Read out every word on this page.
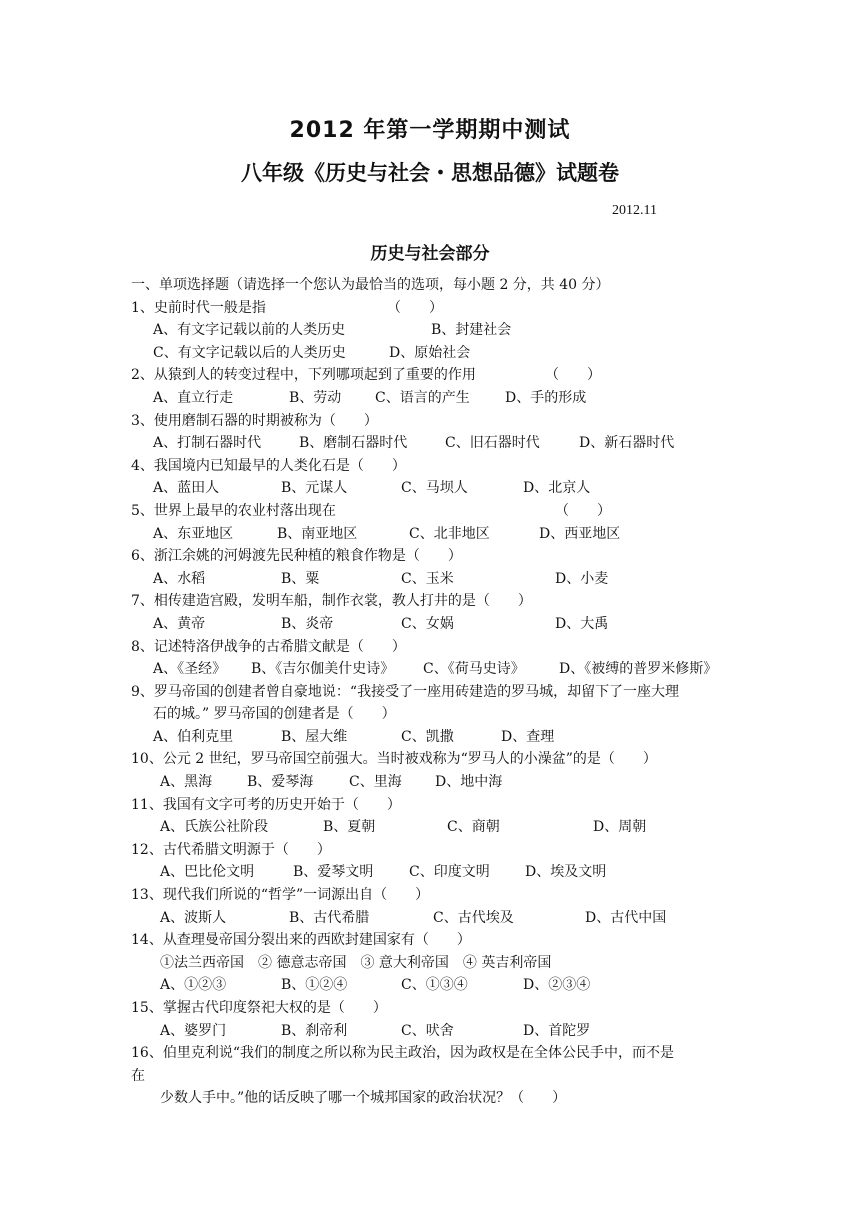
2012 年第一学期期中测试
八年级《历史与社会・思想品德》试题卷
2012.11
历史与社会部分
一、单项选择题（请选择一个您认为最恰当的选项，每小题 2 分，共 40 分）
1、史前时代一般是指	（　　）
A、有文字记载以前的人类历史	B、封建社会
C、有文字记载以后的人类历史	D、原始社会
2、从猿到人的转变过程中，下列哪项起到了重要的作用	（　　）
A、直立行走	B、劳动 C、语言的产生	D、手的形成
3、使用磨制石器的时期被称为（　　）
A、打制石器时代	B、磨制石器时代	C、旧石器时代	D、新石器时代
4、我国境内已知最早的人类化石是（　　）
A、蓝田人	B、元谋人	C、马坝人	D、北京人
5、世界上最早的农业村落出现在	（　　）
A、东亚地区	B、南亚地区	C、北非地区	D、西亚地区
6、浙江余姚的河姆渡先民种植的粮食作物是（　　）
A、水稻	B、粟	C、玉米	D、小麦
7、相传建造宫殿，发明车船，制作衣裳，教人打井的是（　　）
A、黄帝	B、炎帝	C、女娲	D、大禹
8、记述特洛伊战争的古希腊文献是（　　）
A、《圣经》 B、《吉尔伽美什史诗》 C、《荷马史诗》 D、《被缚的普罗米修斯》
9、罗马帝国的创建者曾自豪地说：“我接受了一座用砖建造的罗马城，却留下了一座大理
石的城。” 罗马帝国的创建者是（　　）
A、伯利克里	B、屋大维	C、凯撒	D、查理
10、公元 2 世纪，罗马帝国空前强大。当时被戏称为“罗马人的小澡盆”的是（　　）
A、黑海 B、爱琴海	C、里海 D、地中海
11、我国有文字可考的历史开始于（　　）
A、氏族公社阶段	B、夏朝	C、商朝	D、周朝
12、古代希腊文明源于（　　）
A、巴比伦文明	B、爱琴文明	C、印度文明	D、埃及文明
13、现代我们所说的“哲学”一词源出自（　　）
A、波斯人	B、古代希腊	C、古代埃及	D、古代中国
14、从查理曼帝国分裂出来的西欧封建国家有（　　）
①法兰西帝国　② 德意志帝国　③ 意大利帝国　④ 英吉利帝国
A、①②③	B、①②④	C、①③④	D、②③④
15、掌握古代印度祭祀大权的是（　　）
A、婆罗门	B、刹帝利	C、吠舍	D、首陀罗
16、伯里克利说“我们的制度之所以称为民主政治，因为政权是在全体公民手中，而不是
在
少数人手中。”他的话反映了哪一个城邦国家的政治状况？（　　）
